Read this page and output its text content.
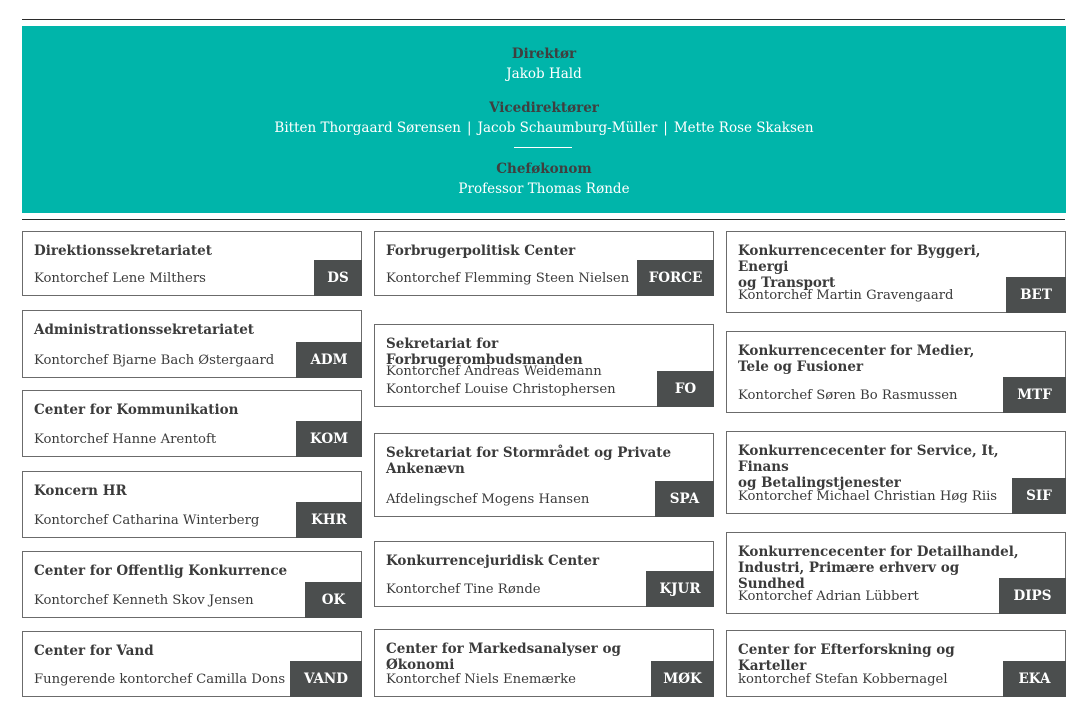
Direktør
Jakob Hald
Vicedirektører
Bitten Thorgaard Sørensen | Jacob Schaumburg-Müller | Mette Rose Skaksen
Cheføkonom
Professor Thomas Rønde
Direktionssekretariatet
Kontorchef Lene Milthers	DS
Administrationssekretariatet
Kontorchef Bjarne Bach Østergaard	ADM
Center for Kommunikation
Kontorchef Hanne Arentoft	KOM
Koncern HR
Kontorchef Catharina Winterberg	KHR
Center for Offentlig Konkurrence
Kontorchef Kenneth Skov Jensen	OK
Center for Vand
Fungerende kontorchef Camilla Dons	VAND
Forbrugerpolitisk Center
Kontorchef Flemming Steen Nielsen	FORCE
Sekretariat for Forbrugerombudsmanden
Kontorchef Andreas Weidemann
Kontorchef Louise Christophersen	FO
Sekretariat for Stormrådet og Private
Ankenævn
Afdelingschef Mogens Hansen	SPA
Konkurrencejuridisk Center
Kontorchef Tine Rønde	KJUR
Center for Markedsanalyser og Økonomi
Kontorchef Niels Enemærke	MØK
Konkurrencecenter for Byggeri, Energi
og Transport
Kontorchef Martin Gravengaard	BET
Konkurrencecenter for Medier,
Tele og Fusioner
Kontorchef Søren Bo Rasmussen	MTF
Konkurrencecenter for Service, It, Finans
og Betalingstjenester
Kontorchef Michael Christian Høg Riis	SIF
Konkurrencecenter for Detailhandel,
Industri, Primære erhverv og Sundhed
Kontorchef Adrian Lübbert	DIPS
Center for Efterforskning og Karteller
kontorchef Stefan Kobbernagel	EKA
